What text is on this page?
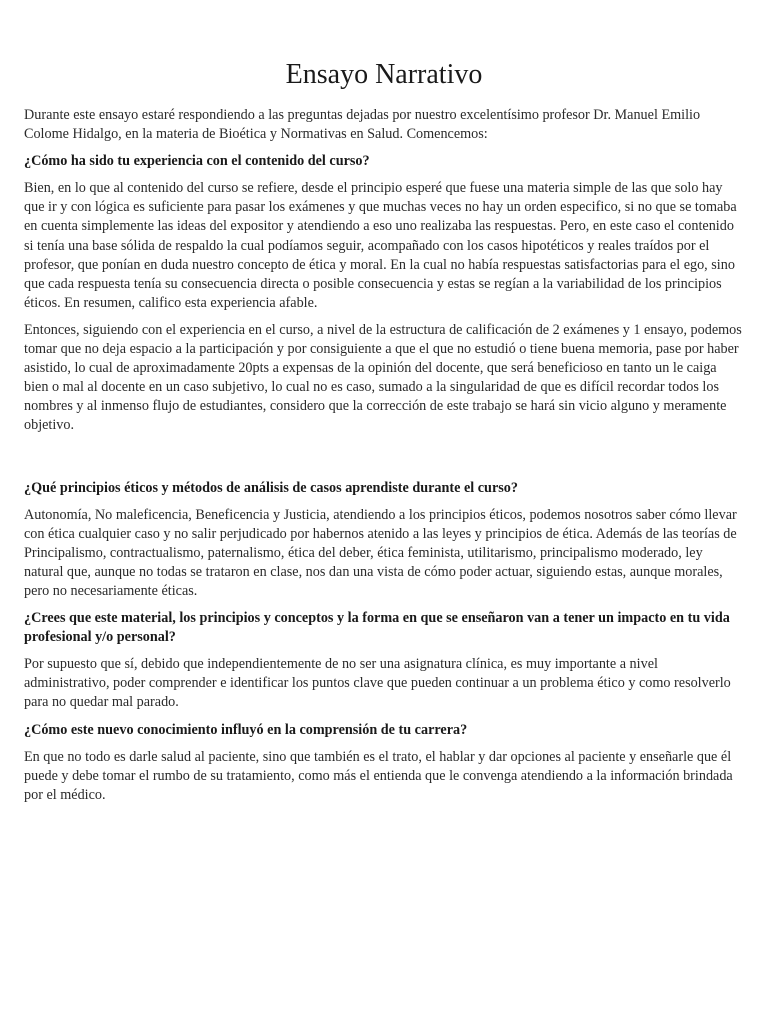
Ensayo Narrativo

Durante este ensayo estaré respondiendo a las preguntas dejadas por nuestro excelentísimo profesor Dr. Manuel Emilio Colome Hidalgo, en la materia de Bioética y Normativas en Salud. Comencemos:

¿Cómo ha sido tu experiencia con el contenido del curso?

Bien, en lo que al contenido del curso se refiere, desde el principio esperé que fuese una materia simple de las que solo hay que ir y con lógica es suficiente para pasar los exámenes y que muchas veces no hay un orden especifico, si no que se tomaba en cuenta simplemente las ideas del expositor y atendiendo a eso uno realizaba las respuestas. Pero, en este caso el contenido si tenía una base sólida de respaldo la cual podíamos seguir, acompañado con los casos hipotéticos y reales traídos por el profesor, que ponían en duda nuestro concepto de ética y moral. En la cual no había respuestas satisfactorias para el ego, sino que cada respuesta tenía su consecuencia directa o posible consecuencia y estas se regían a la variabilidad de los principios éticos. En resumen, califico esta experiencia afable.

Entonces, siguiendo con el experiencia en el curso, a nivel de la estructura de calificación de 2 exámenes y 1 ensayo, podemos tomar que no deja espacio a la participación y por consiguiente a que el que no estudió o tiene buena memoria, pase por haber asistido, lo cual de aproximadamente 20pts a expensas de la opinión del docente, que será beneficioso en tanto un le caiga bien o mal al docente en un caso subjetivo, lo cual no es caso, sumado a la singularidad de que es difícil recordar todos los nombres y al inmenso flujo de estudiantes, considero que la corrección de este trabajo se hará sin vicio alguno y meramente objetivo.

¿Qué principios éticos y métodos de análisis de casos aprendiste durante el curso?

Autonomía, No maleficencia, Beneficencia y Justicia, atendiendo a los principios éticos, podemos nosotros saber cómo llevar con ética cualquier caso y no salir perjudicado por habernos atenido a las leyes y principios de ética. Además de las teorías de Principalismo, contractualismo, paternalismo, ética del deber, ética feminista, utilitarismo, principalismo moderado, ley natural que, aunque no todas se trataron en clase, nos dan una vista de cómo poder actuar, siguiendo estas, aunque morales, pero no necesariamente éticas.

¿Crees que este material, los principios y conceptos y la forma en que se enseñaron van a tener un impacto en tu vida profesional y/o personal?

Por supuesto que sí, debido que independientemente de no ser una asignatura clínica, es muy importante a nivel administrativo, poder comprender e identificar los puntos clave que pueden continuar a un problema ético y como resolverlo para no quedar mal parado.

¿Cómo este nuevo conocimiento influyó en la comprensión de tu carrera?

En que no todo es darle salud al paciente, sino que también es el trato, el hablar y dar opciones al paciente y enseñarle que él puede y debe tomar el rumbo de su tratamiento, como más el entienda que le convenga atendiendo a la información brindada por el médico.
